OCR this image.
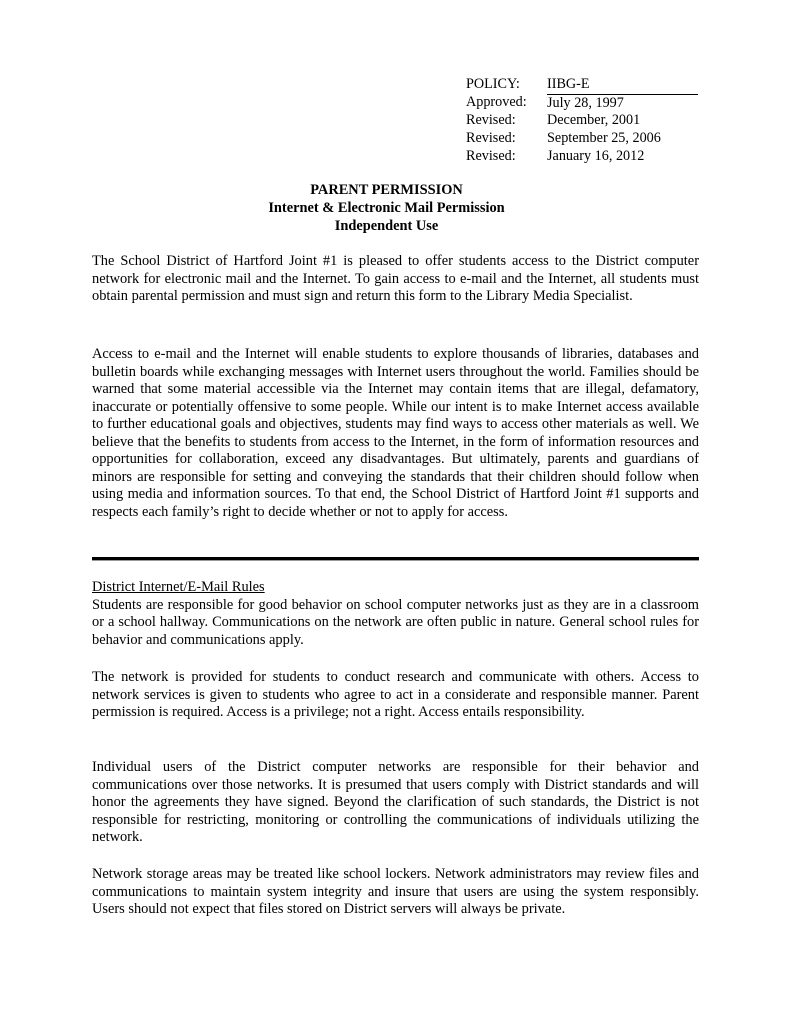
POLICY:	IIBG-E
Approved:	July 28, 1997
Revised:	December, 2001
Revised:	September 25, 2006
Revised:	January 16, 2012
PARENT PERMISSION
Internet & Electronic Mail Permission
Independent Use

The School District of Hartford Joint #1 is pleased to offer students access to the District computer network for electronic mail and the Internet. To gain access to e-mail and the Internet, all students must obtain parental permission and must sign and return this form to the Library Media Specialist.

Access to e-mail and the Internet will enable students to explore thousands of libraries, databases and bulletin boards while exchanging messages with Internet users throughout the world. Families should be warned that some material accessible via the Internet may contain items that are illegal, defamatory, inaccurate or potentially offensive to some people. While our intent is to make Internet access available to further educational goals and objectives, students may find ways to access other materials as well. We believe that the benefits to students from access to the Internet, in the form of information resources and opportunities for collaboration, exceed any disadvantages. But ultimately, parents and guardians of minors are responsible for setting and conveying the standards that their children should follow when using media and information sources. To that end, the School District of Hartford Joint #1 supports and respects each family’s right to decide whether or not to apply for access.

District Internet/E-Mail Rules

Students are responsible for good behavior on school computer networks just as they are in a classroom or a school hallway. Communications on the network are often public in nature. General school rules for behavior and communications apply.

The network is provided for students to conduct research and communicate with others. Access to network services is given to students who agree to act in a considerate and responsible manner. Parent permission is required. Access is a privilege; not a right. Access entails responsibility.

Individual users of the District computer networks are responsible for their behavior and communications over those networks. It is presumed that users comply with District standards and will honor the agreements they have signed. Beyond the clarification of such standards, the District is not responsible for restricting, monitoring or controlling the communications of individuals utilizing the network.

Network storage areas may be treated like school lockers. Network administrators may review files and communications to maintain system integrity and insure that users are using the system responsibly. Users should not expect that files stored on District servers will always be private.
